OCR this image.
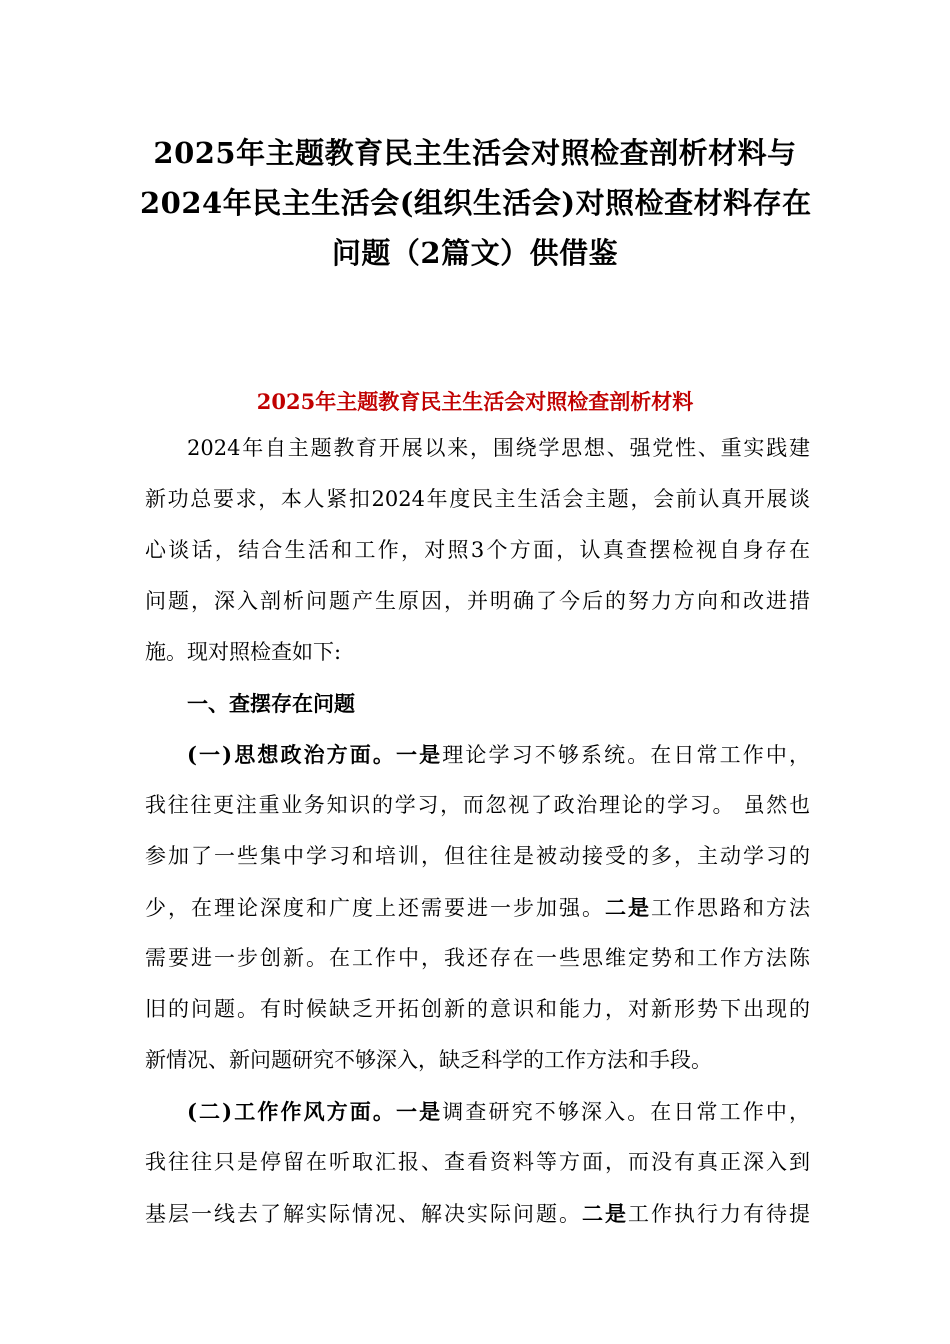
2025年主题教育民主生活会对照检查剖析材料与
2024年民主生活会(组织生活会)对照检查材料存在
问题（2篇文）供借鉴
2025年主题教育民主生活会对照检查剖析材料
2024年自主题教育开展以来，围绕学思想、强党性、重实践建
新功总要求，本人紧扣2024年度民主生活会主题，会前认真开展谈
心谈话，结合生活和工作，对照3个方面，认真查摆检视自身存在
问题，深入剖析问题产生原因，并明确了今后的努力方向和改进措
施。现对照检查如下:
一、查摆存在问题
(一)思想政治方面。一是理论学习不够系统。在日常工作中，
我往往更注重业务知识的学习，而忽视了政治理论的学习。 虽然也
参加了一些集中学习和培训，但往往是被动接受的多，主动学习的
少，在理论深度和广度上还需要进一步加强。二是工作思路和方法
需要进一步创新。在工作中，我还存在一些思维定势和工作方法陈
旧的问题。有时候缺乏开拓创新的意识和能力，对新形势下出现的
新情况、新问题研究不够深入，缺乏科学的工作方法和手段。
(二)工作作风方面。一是调查研究不够深入。在日常工作中，
我往往只是停留在听取汇报、查看资料等方面，而没有真正深入到
基层一线去了解实际情况、解决实际问题。二是工作执行力有待提
